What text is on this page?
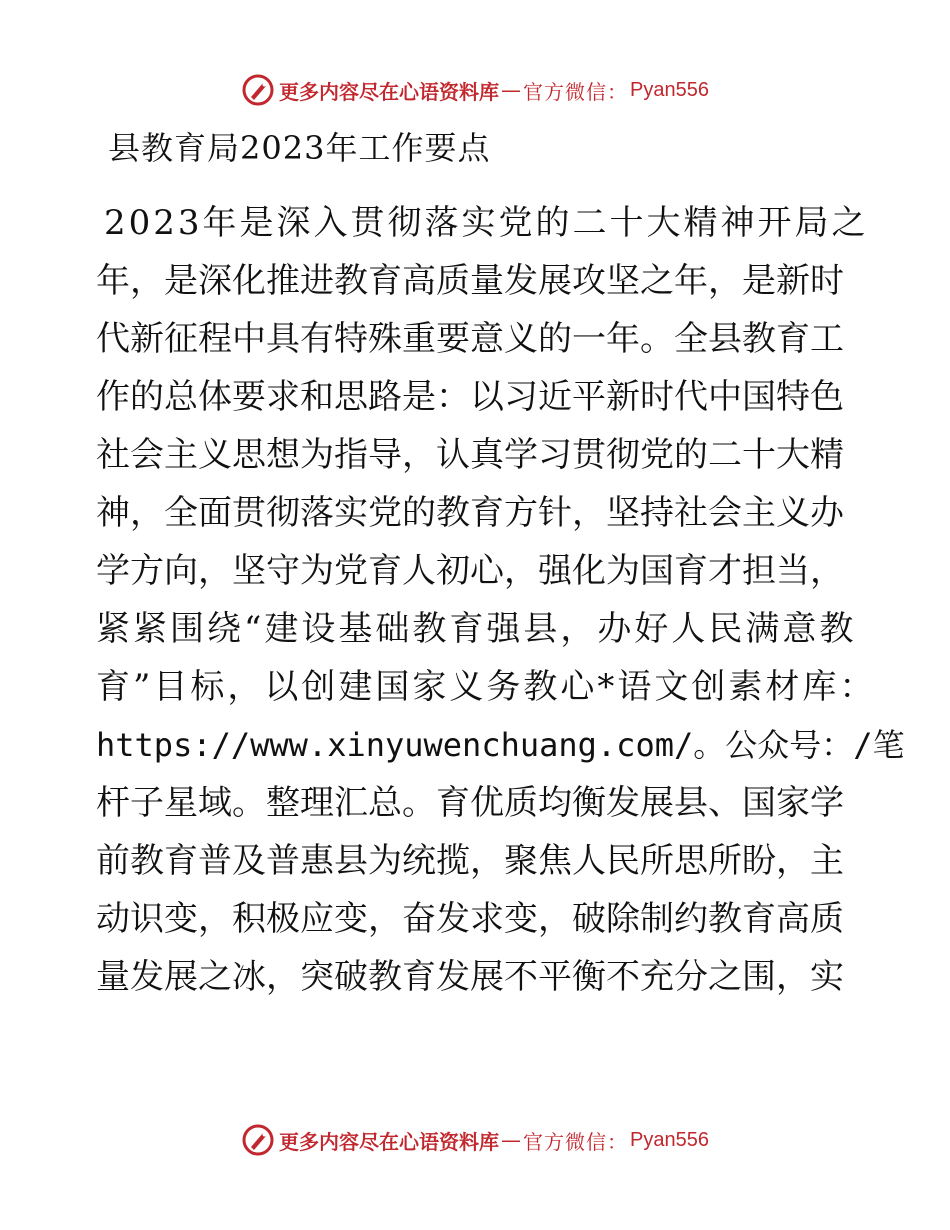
更多内容尽在心语资料库 — 官方微信： Pyan556
县教育局2023年工作要点
2023年是深入贯彻落实党的二十大精神开局之
年，是深化推进教育高质量发展攻坚之年，是新时
代新征程中具有特殊重要意义的一年。全县教育工
作的总体要求和思路是：以习近平新时代中国特色
社会主义思想为指导，认真学习贯彻党的二十大精
神，全面贯彻落实党的教育方针，坚持社会主义办
学方向，坚守为党育人初心，强化为国育才担当，
紧紧围绕“建设基础教育强县，办好人民满意教
育”目标，以创建国家义务教心*语文创素材库：
https://www.xinyuwenchuang.com/。公众号：/笔
杆子星域。整理汇总。育优质均衡发展县、国家学
前教育普及普惠县为统揽，聚焦人民所思所盼，主
动识变，积极应变，奋发求变，破除制约教育高质
量发展之冰，突破教育发展不平衡不充分之围，实
更多内容尽在心语资料库 — 官方微信： Pyan556
